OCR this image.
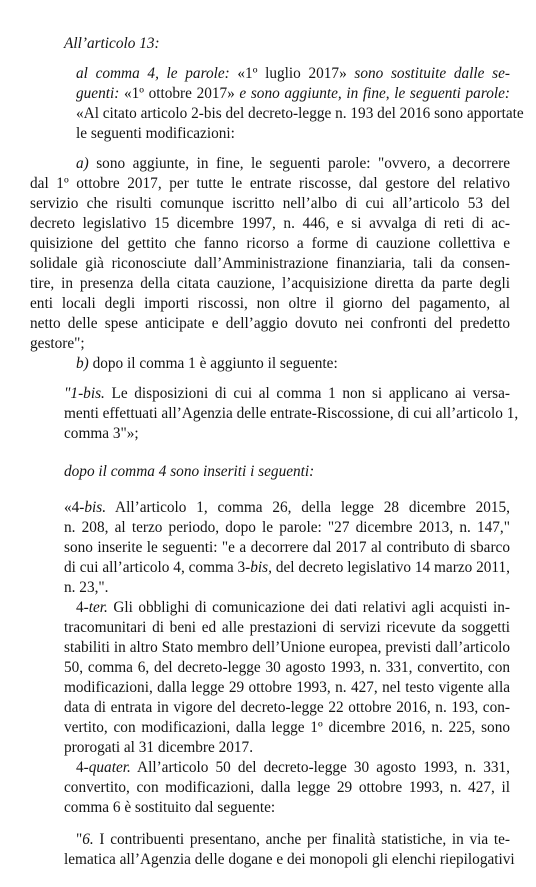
All’articolo 13:
al comma 4, le parole: «1º luglio 2017» sono sostituite dalle se-
guenti: «1º ottobre 2017» e sono aggiunte, in fine, le seguenti parole:
«Al citato articolo 2-bis del decreto-legge n. 193 del 2016 sono apportate
le seguenti modificazioni:
a) sono aggiunte, in fine, le seguenti parole: "ovvero, a decorrere
dal 1º ottobre 2017, per tutte le entrate riscosse, dal gestore del relativo
servizio che risulti comunque iscritto nell’albo di cui all’articolo 53 del
decreto legislativo 15 dicembre 1997, n. 446, e si avvalga di reti di ac-
quisizione del gettito che fanno ricorso a forme di cauzione collettiva e
solidale già riconosciute dall’Amministrazione finanziaria, tali da consen-
tire, in presenza della citata cauzione, l’acquisizione diretta da parte degli
enti locali degli importi riscossi, non oltre il giorno del pagamento, al
netto delle spese anticipate e dell’aggio dovuto nei confronti del predetto
gestore";
b) dopo il comma 1 è aggiunto il seguente:
"1-bis. Le disposizioni di cui al comma 1 non si applicano ai versa-
menti effettuati all’Agenzia delle entrate-Riscossione, di cui all’articolo 1,
comma 3"»;
dopo il comma 4 sono inseriti i seguenti:
«4-bis. All’articolo 1, comma 26, della legge 28 dicembre 2015,
n. 208, al terzo periodo, dopo le parole: "27 dicembre 2013, n. 147,"
sono inserite le seguenti: "e a decorrere dal 2017 al contributo di sbarco
di cui all’articolo 4, comma 3-bis, del decreto legislativo 14 marzo 2011,
n. 23,".
4-ter. Gli obblighi di comunicazione dei dati relativi agli acquisti in-
tracomunitari di beni ed alle prestazioni di servizi ricevute da soggetti
stabiliti in altro Stato membro dell’Unione europea, previsti dall’articolo
50, comma 6, del decreto-legge 30 agosto 1993, n. 331, convertito, con
modificazioni, dalla legge 29 ottobre 1993, n. 427, nel testo vigente alla
data di entrata in vigore del decreto-legge 22 ottobre 2016, n. 193, con-
vertito, con modificazioni, dalla legge 1º dicembre 2016, n. 225, sono
prorogati al 31 dicembre 2017.
4-quater. All’articolo 50 del decreto-legge 30 agosto 1993, n. 331,
convertito, con modificazioni, dalla legge 29 ottobre 1993, n. 427, il
comma 6 è sostituito dal seguente:
"6. I contribuenti presentano, anche per finalità statistiche, in via te-
lematica all’Agenzia delle dogane e dei monopoli gli elenchi riepilogativi
